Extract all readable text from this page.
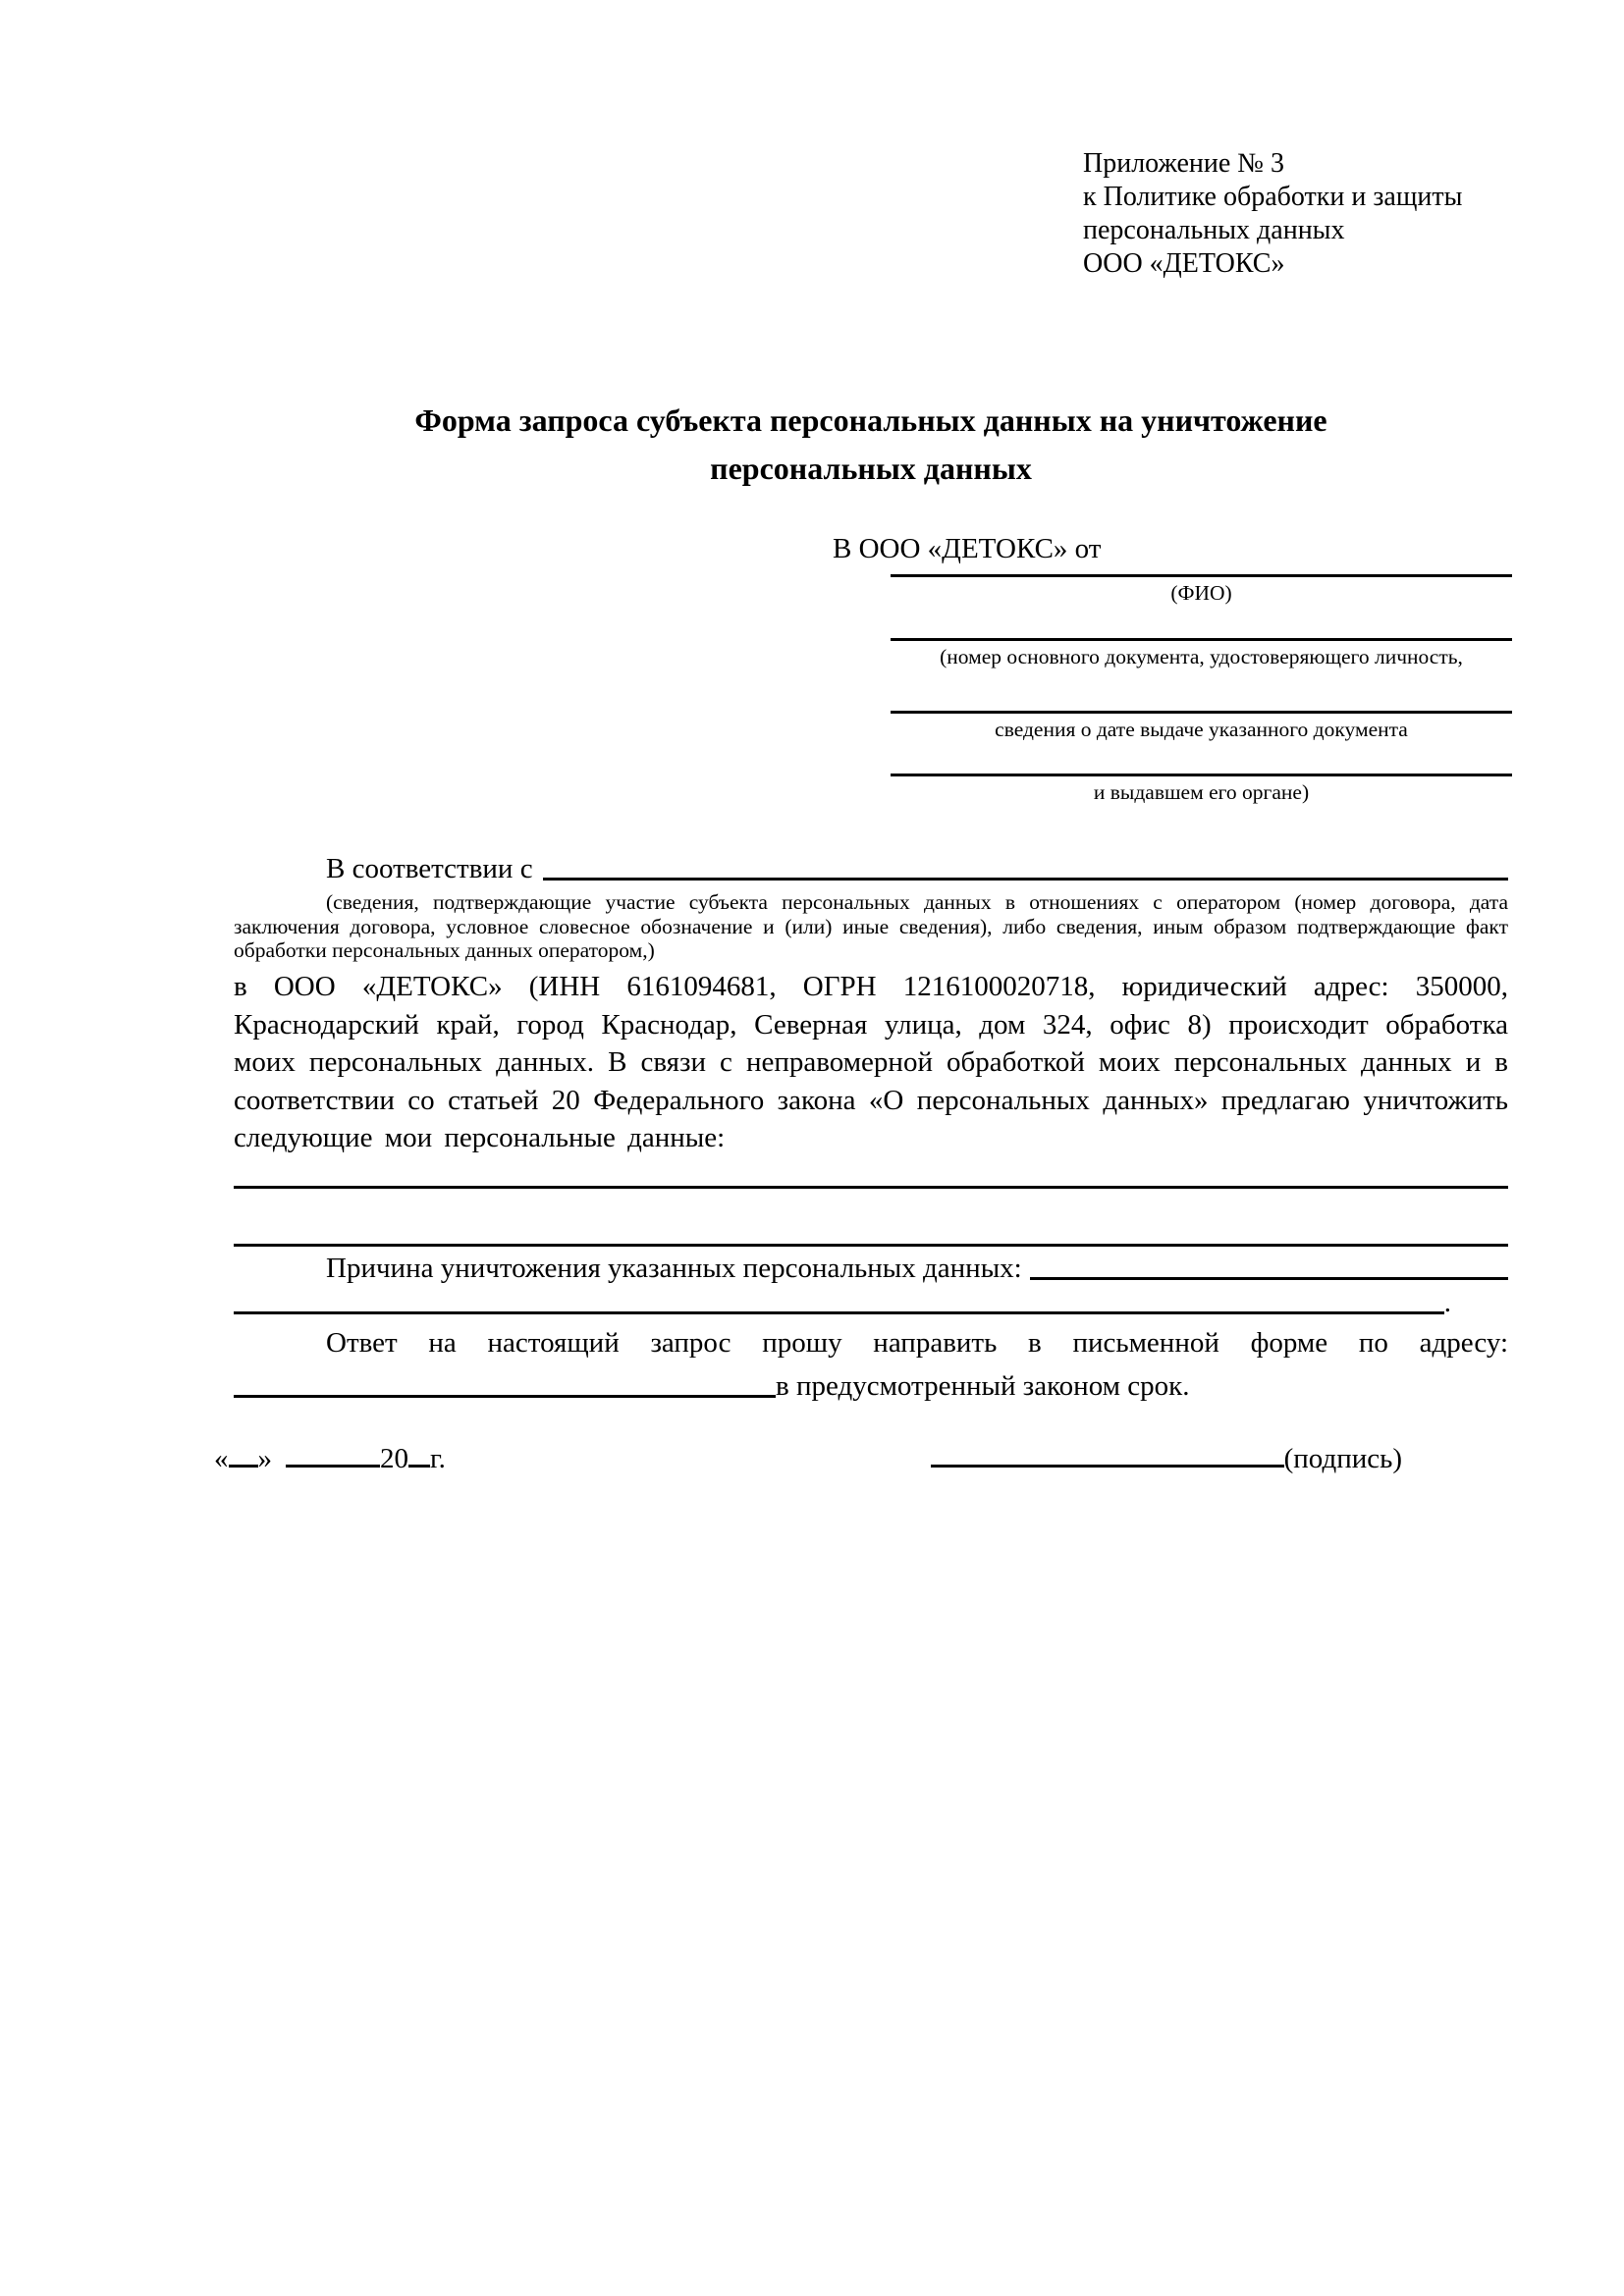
Приложение № 3
к Политике обработки и защиты
персональных данных
ООО «ДЕТОКС»
Форма запроса субъекта персональных данных на уничтожение
персональных данных
В ООО «ДЕТОКС» от
(ФИО)
(номер основного документа, удостоверяющего личность,
сведения о дате выдаче указанного документа
и выдавшем его органе)
В соответствии с
(сведения, подтверждающие участие субъекта персональных данных в отношениях с оператором (номер договора, дата заключения договора, условное словесное обозначение и (или) иные сведения), либо сведения, иным образом подтверждающие факт обработки персональных данных оператором,)
в ООО «ДЕТОКС» (ИНН 6161094681, ОГРН 1216100020718, юридический адрес: 350000, Краснодарский край, город Краснодар, Северная улица, дом 324, офис 8) происходит обработка моих персональных данных. В связи с неправомерной обработкой моих персональных данных и в соответствии со статьей 20 Федерального закона «О персональных данных» предлагаю уничтожить следующие мои персональные данные:
Причина уничтожения указанных персональных данных:
.
Ответ на настоящий запрос прошу направить в письменной форме по адресу:
в предусмотренный законом срок.
« »	20 г.	(подпись)
